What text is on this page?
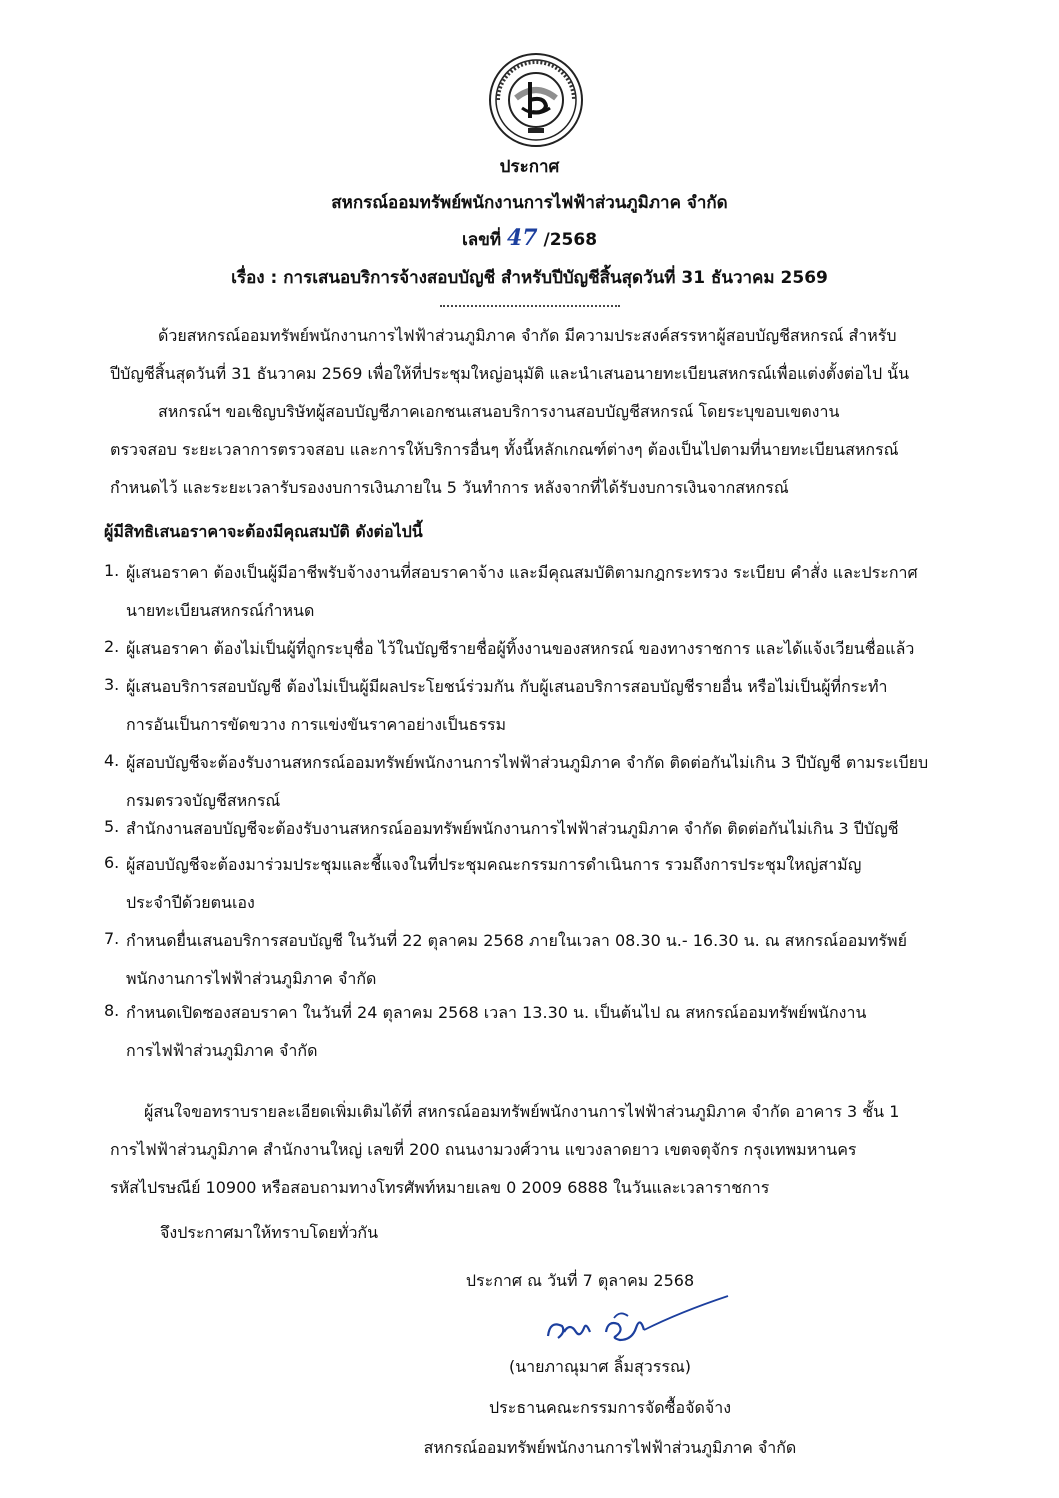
ประกาศ
สหกรณ์ออมทรัพย์พนักงานการไฟฟ้าส่วนภูมิภาค จำกัด
เลขที่ 47 /2568
เรื่อง : การเสนอบริการจ้างสอบบัญชี สำหรับปีบัญชีสิ้นสุดวันที่ 31 ธันวาคม 2569
ด้วยสหกรณ์ออมทรัพย์พนักงานการไฟฟ้าส่วนภูมิภาค จำกัด มีความประสงค์สรรหาผู้สอบบัญชีสหกรณ์ สำหรับ
ปีบัญชีสิ้นสุดวันที่ 31 ธันวาคม 2569 เพื่อให้ที่ประชุมใหญ่อนุมัติ และนำเสนอนายทะเบียนสหกรณ์เพื่อแต่งตั้งต่อไป นั้น
สหกรณ์ฯ ขอเชิญบริษัทผู้สอบบัญชีภาคเอกชนเสนอบริการงานสอบบัญชีสหกรณ์ โดยระบุขอบเขตงาน
ตรวจสอบ ระยะเวลาการตรวจสอบ และการให้บริการอื่นๆ ทั้งนี้หลักเกณฑ์ต่างๆ ต้องเป็นไปตามที่นายทะเบียนสหกรณ์
กำหนดไว้ และระยะเวลารับรองงบการเงินภายใน 5 วันทำการ หลังจากที่ได้รับงบการเงินจากสหกรณ์
ผู้มีสิทธิเสนอราคาจะต้องมีคุณสมบัติ ดังต่อไปนี้
1. ผู้เสนอราคา ต้องเป็นผู้มีอาชีพรับจ้างงานที่สอบราคาจ้าง และมีคุณสมบัติตามกฎกระทรวง ระเบียบ คำสั่ง และประกาศ
นายทะเบียนสหกรณ์กำหนด
2. ผู้เสนอราคา ต้องไม่เป็นผู้ที่ถูกระบุชื่อ ไว้ในบัญชีรายชื่อผู้ทิ้งงานของสหกรณ์ ของทางราชการ และได้แจ้งเวียนชื่อแล้ว
3. ผู้เสนอบริการสอบบัญชี ต้องไม่เป็นผู้มีผลประโยชน์ร่วมกัน กับผู้เสนอบริการสอบบัญชีรายอื่น หรือไม่เป็นผู้ที่กระทำ
การอันเป็นการขัดขวาง การแข่งขันราคาอย่างเป็นธรรม
4. ผู้สอบบัญชีจะต้องรับงานสหกรณ์ออมทรัพย์พนักงานการไฟฟ้าส่วนภูมิภาค จำกัด ติดต่อกันไม่เกิน 3 ปีบัญชี ตามระเบียบ
กรมตรวจบัญชีสหกรณ์
5. สำนักงานสอบบัญชีจะต้องรับงานสหกรณ์ออมทรัพย์พนักงานการไฟฟ้าส่วนภูมิภาค จำกัด ติดต่อกันไม่เกิน 3 ปีบัญชี
6. ผู้สอบบัญชีจะต้องมาร่วมประชุมและชี้แจงในที่ประชุมคณะกรรมการดำเนินการ รวมถึงการประชุมใหญ่สามัญ
ประจำปีด้วยตนเอง
7. กำหนดยื่นเสนอบริการสอบบัญชี ในวันที่ 22 ตุลาคม 2568 ภายในเวลา 08.30 น.- 16.30 น. ณ สหกรณ์ออมทรัพย์
พนักงานการไฟฟ้าส่วนภูมิภาค จำกัด
8. กำหนดเปิดซองสอบราคา ในวันที่ 24 ตุลาคม 2568 เวลา 13.30 น. เป็นต้นไป ณ สหกรณ์ออมทรัพย์พนักงาน
การไฟฟ้าส่วนภูมิภาค จำกัด
ผู้สนใจขอทราบรายละเอียดเพิ่มเติมได้ที่ สหกรณ์ออมทรัพย์พนักงานการไฟฟ้าส่วนภูมิภาค จำกัด อาคาร 3 ชั้น 1
การไฟฟ้าส่วนภูมิภาค สำนักงานใหญ่ เลขที่ 200 ถนนงามวงศ์วาน แขวงลาดยาว เขตจตุจักร กรุงเทพมหานคร
รหัสไปรษณีย์ 10900 หรือสอบถามทางโทรศัพท์หมายเลข 0 2009 6888 ในวันและเวลาราชการ
จึงประกาศมาให้ทราบโดยทั่วกัน
ประกาศ ณ วันที่ 7 ตุลาคม 2568
(นายภาณุมาศ ลิ้มสุวรรณ)
ประธานคณะกรรมการจัดซื้อจัดจ้าง
สหกรณ์ออมทรัพย์พนักงานการไฟฟ้าส่วนภูมิภาค จำกัด
